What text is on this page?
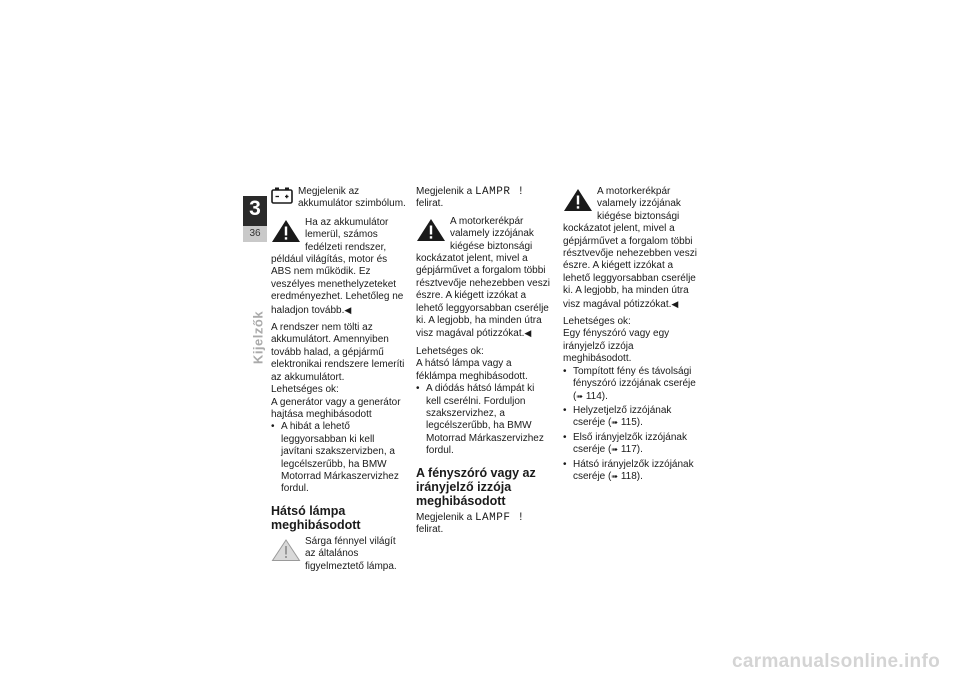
3
36
Kijelzők
Megjelenik az akkumulátor szimbólum.

Ha az akkumulátor lemerül, számos fedélzeti rendszer, például világítás, motor és ABS nem működik. Ez veszélyes menethelyzeteket eredményezhet. Lehetőleg ne haladjon tovább.◀

A rendszer nem tölti az akkumulátort. Amennyiben tovább halad, a gépjármű elektronikai rendszere lemeríti az akkumulátort.

Lehetséges ok:

A generátor vagy a generátor hajtása meghibásodott

• A hibát a lehető leggyorsabban ki kell javítani szakszervizben, a legcélszerűbb, ha BMW Motorrad Márkaszervizhez fordul.
Hátsó lámpa meghibásodott

Sárga fénnyel világít az általános figyelmeztető lámpa.

Megjelenik a LAMPR ! felirat.

A motorkerékpár valamely izzójának kiégése biztonsági kockázatot jelent, mivel a gépjárművet a forgalom többi résztvevője nehezebben veszi észre. A kiégett izzókat a lehető leggyorsabban cserélje ki. A legjobb, ha minden útra visz magával pótizzókat.◀

Lehetséges ok:

A hátsó lámpa vagy a féklámpa meghibásodott.

• A diódás hátsó lámpát ki kell cserélni. Forduljon szakszervizhez, a legcélszerűbb, ha BMW Motorrad Márkaszervizhez fordul.
A fényszóró vagy az irányjelző izzója meghibásodott

Megjelenik a LAMPF ! felirat.

A motorkerékpár valamely izzójának kiégése biztonsági kockázatot jelent, mivel a gépjárművet a forgalom többi résztvevője nehezebben veszi észre. A kiégett izzókat a lehető leggyorsabban cserélje ki. A legjobb, ha minden útra visz magával pótizzókat.◀

Lehetséges ok:

Egy fényszóró vagy egy irányjelző izzója meghibásodott.

• Tompított fény és távolsági fényszóró izzójának cseréje (➠ 114).
• Helyzetjelző izzójának cseréje (➠ 115).
• Első irányjelzők izzójának cseréje (➠ 117).
• Hátsó irányjelzők izzójának cseréje (➠ 118).
carmanualsonline.info
